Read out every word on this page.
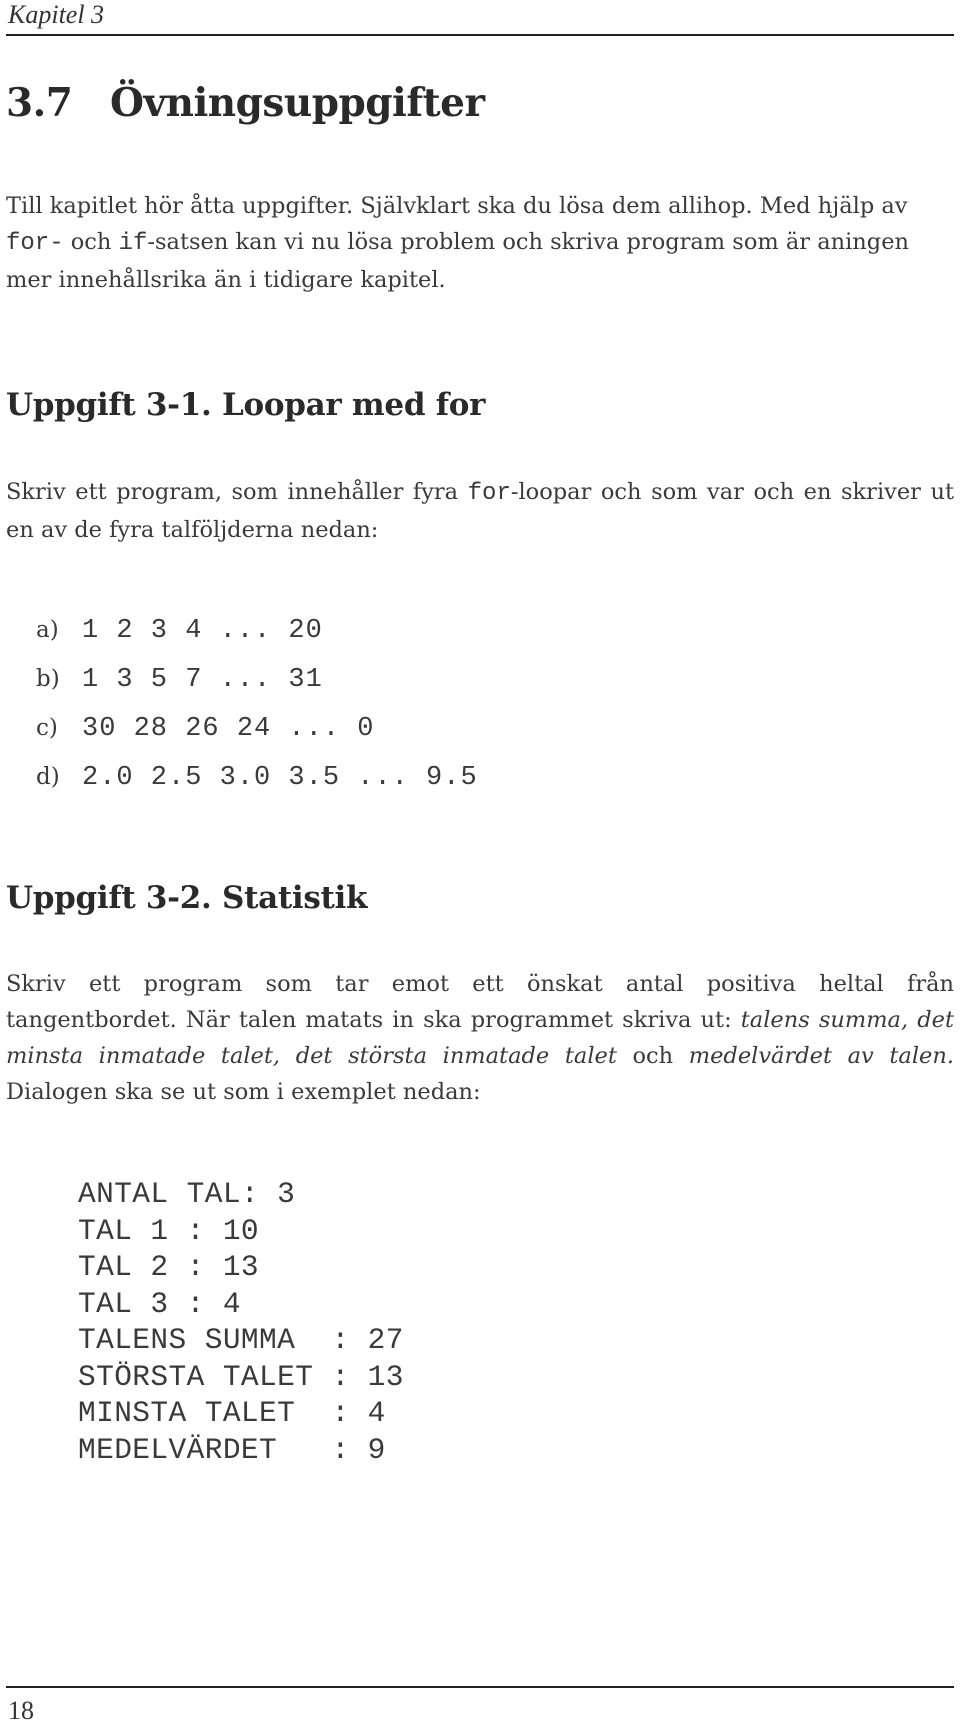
Kapitel 3
3.7 Övningsuppgifter

Till kapitlet hör åtta uppgifter. Självklart ska du lösa dem allihop. Med hjälp av for- och if-satsen kan vi nu lösa problem och skriva program som är aningen mer innehållsrika än i tidigare kapitel.

Uppgift 3-1. Loopar med for

Skriv ett program, som innehåller fyra for-loopar och som var och en skriver ut en av de fyra talföljderna nedan:

a) 1 2 3 4 ... 20
b) 1 3 5 7 ... 31
c) 30 28 26 24 ... 0
d) 2.0 2.5 3.0 3.5 ... 9.5
Uppgift 3-2. Statistik

Skriv ett program som tar emot ett önskat antal positiva heltal från tangentbordet. När talen matats in ska programmet skriva ut: talens summa, det minsta inmatade talet, det största inmatade talet och medelvärdet av talen. Dialogen ska se ut som i exemplet nedan:

ANTAL TAL: 3
TAL 1 : 10
TAL 2 : 13
TAL 3 : 4
TALENS SUMMA  : 27
STÖRSTA TALET : 13
MINSTA TALET  : 4
MEDELVÄRDET   : 9
18
